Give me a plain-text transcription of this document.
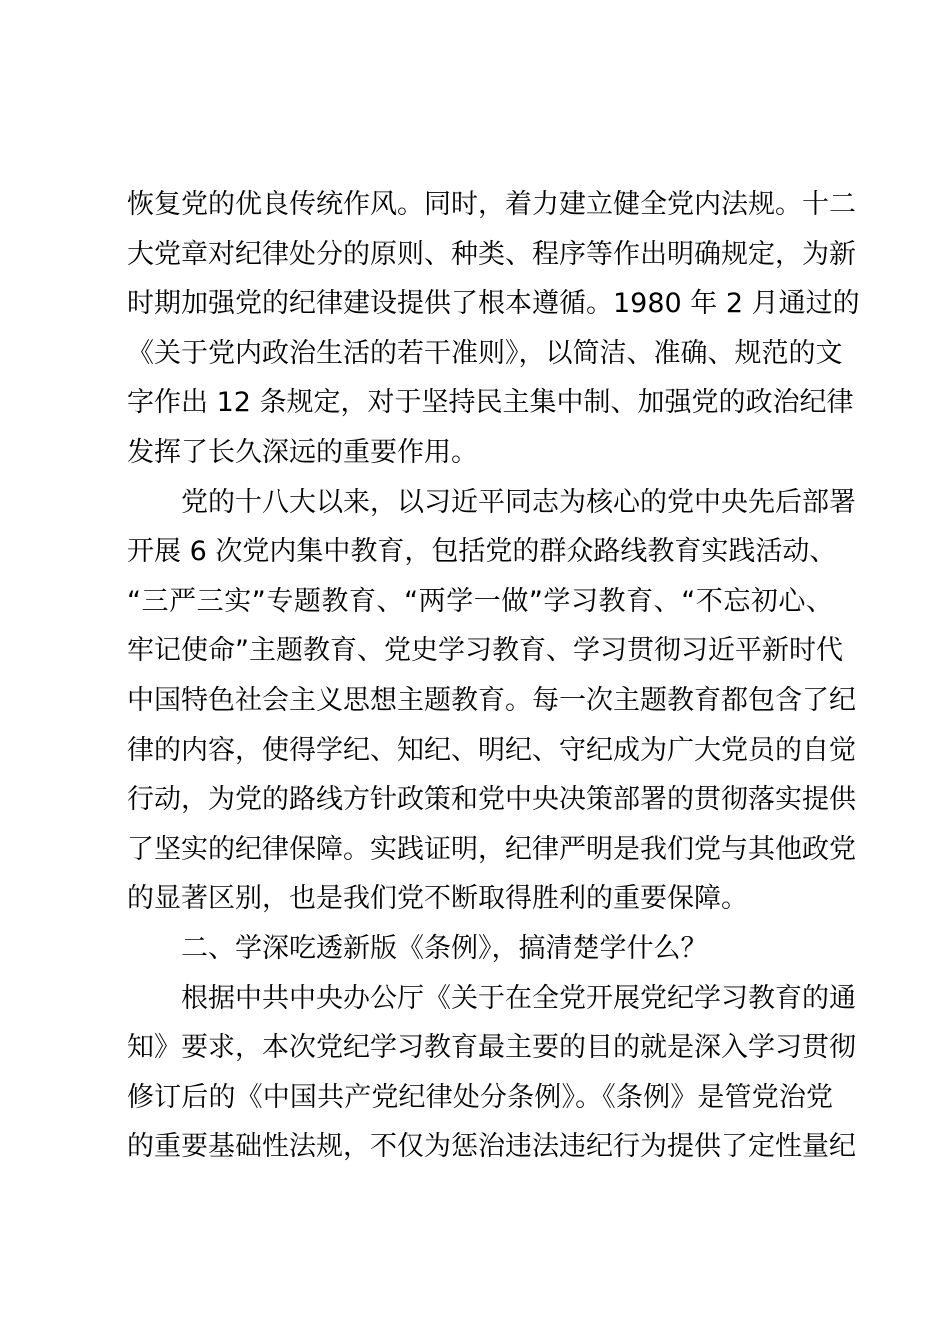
恢复党的优良传统作风。同时，着力建立健全党内法规。十二
大党章对纪律处分的原则、种类、程序等作出明确规定，为新
时期加强党的纪律建设提供了根本遵循。1980 年 2 月通过的
《关于党内政治生活的若干准则》，以简洁、准确、规范的文
字作出 12 条规定，对于坚持民主集中制、加强党的政治纪律
发挥了长久深远的重要作用。
党的十八大以来，以习近平同志为核心的党中央先后部署
开展 6 次党内集中教育，包括党的群众路线教育实践活动、
“三严三实”专题教育、“两学一做”学习教育、“不忘初心、
牢记使命”主题教育、党史学习教育、学习贯彻习近平新时代
中国特色社会主义思想主题教育。每一次主题教育都包含了纪
律的内容，使得学纪、知纪、明纪、守纪成为广大党员的自觉
行动，为党的路线方针政策和党中央决策部署的贯彻落实提供
了坚实的纪律保障。实践证明，纪律严明是我们党与其他政党
的显著区别，也是我们党不断取得胜利的重要保障。
二、学深吃透新版《条例》，搞清楚学什么？
根据中共中央办公厅《关于在全党开展党纪学习教育的通
知》要求，本次党纪学习教育最主要的目的就是深入学习贯彻
修订后的《中国共产党纪律处分条例》。《条例》是管党治党
的重要基础性法规，不仅为惩治违法违纪行为提供了定性量纪
